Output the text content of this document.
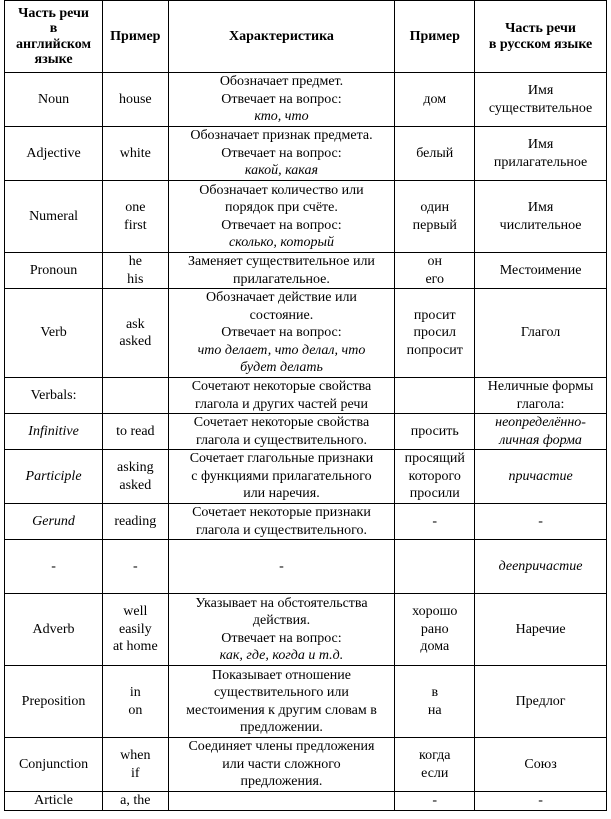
Часть речи
в
английском
языке	Пример	Характеристика	Пример	Часть речи
в русском языке

Noun	house	Обозначает предмет.
Отвечает на вопрос:
кто, что	дом	Имя
существительное

Adjective	white	Обозначает признак предмета.
Отвечает на вопрос:
какой, какая	белый	Имя
прилагательное

Numeral	one
first	Обозначает количество или
порядок при счёте.
Отвечает на вопрос:
сколько, который	один
первый	Имя
числительное

Pronoun	he
his	Заменяет существительное или
прилагательное.	он
его	Местоимение

Verb	ask
asked	Обозначает действие или
состояние.
Отвечает на вопрос:
что делает, что делал, что
будет делать	просит
просил
попросит	Глагол

Verbals:		Сочетают некоторые свойства
глагола и других частей речи		Неличные формы
глагола:

Infinitive	to read	Сочетает некоторые свойства
глагола и существительного.	просить	неопределённо-
личная форма

Participle	asking
asked	Сочетает глагольные признаки
с функциями прилагательного
или наречия.	просящий
которого
просили	причастие

Gerund	reading	Сочетает некоторые признаки
глагола и существительного.	-	-

-	-	-		деепричастие

Adverb	well
easily
at home	Указывает на обстоятельства
действия.
Отвечает на вопрос:
как, где, когда и т.д.	хорошо
рано
дома	Наречие

Preposition	in
on	Показывает отношение
существительного или
местоимения к другим словам в
предложении.	в
на	Предлог

Conjunction	when
if	Соединяет члены предложения
или части сложного
предложения.	когда
если	Союз

Article	a, the		-	-
